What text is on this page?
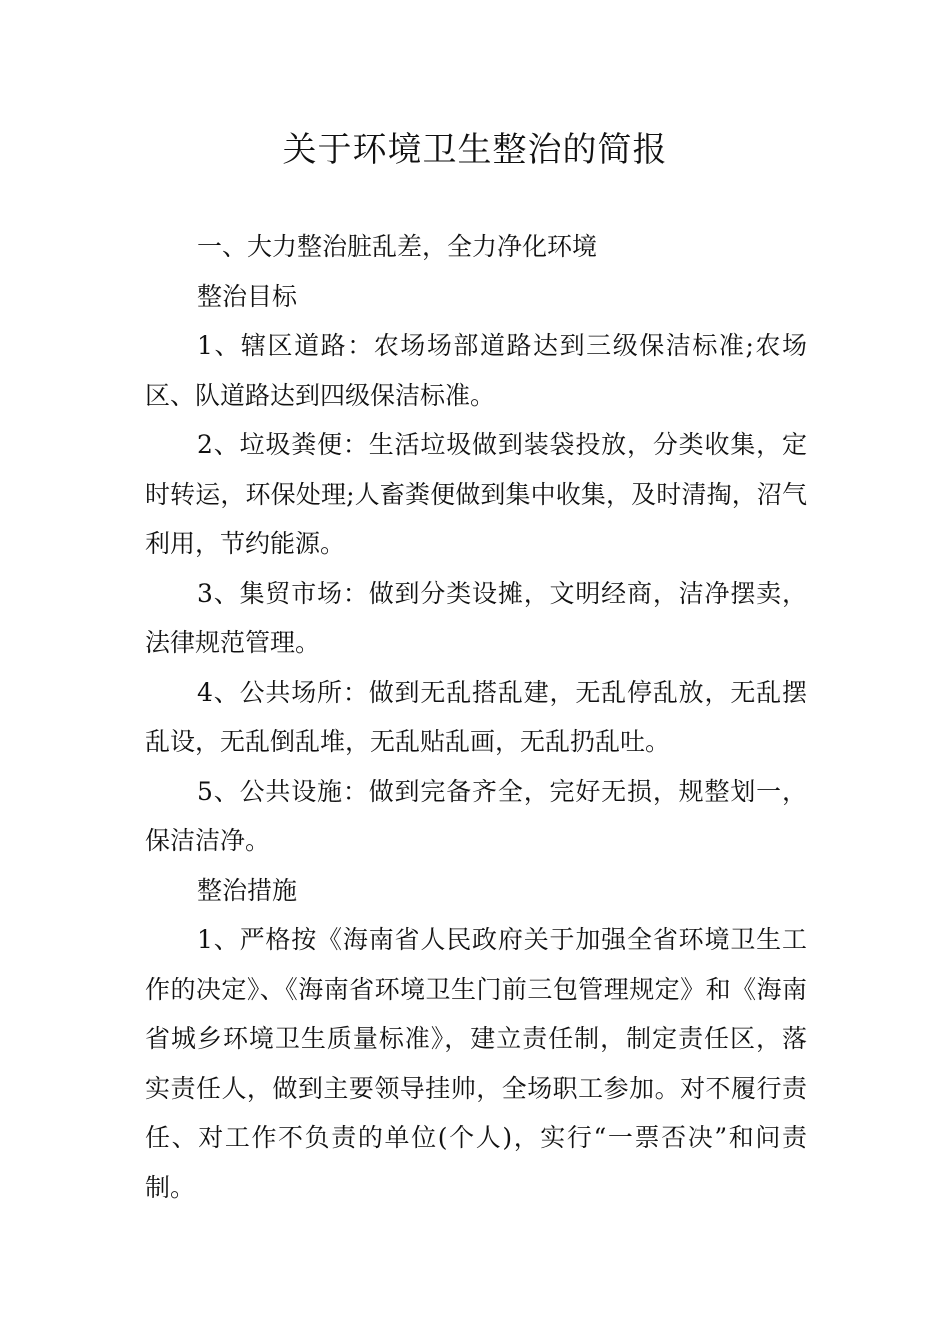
关于环境卫生整治的简报

一、大力整治脏乱差，全力净化环境

整治目标

1、辖区道路：农场场部道路达到三级保洁标准;农场区、队道路达到四级保洁标准。

2、垃圾粪便：生活垃圾做到装袋投放，分类收集，定时转运，环保处理;人畜粪便做到集中收集，及时清掏，沼气利用，节约能源。

3、集贸市场：做到分类设摊，文明经商，洁净摆卖，法律规范管理。

4、公共场所：做到无乱搭乱建，无乱停乱放，无乱摆乱设，无乱倒乱堆，无乱贴乱画，无乱扔乱吐。

5、公共设施：做到完备齐全，完好无损，规整划一，保洁洁净。

整治措施

1、严格按《海南省人民政府关于加强全省环境卫生工作的决定》、《海南省环境卫生门前三包管理规定》和《海南省城乡环境卫生质量标准》，建立责任制，制定责任区，落实责任人，做到主要领导挂帅，全场职工参加。对不履行责任、对工作不负责的单位(个人)，实行“一票否决”和问责制。
